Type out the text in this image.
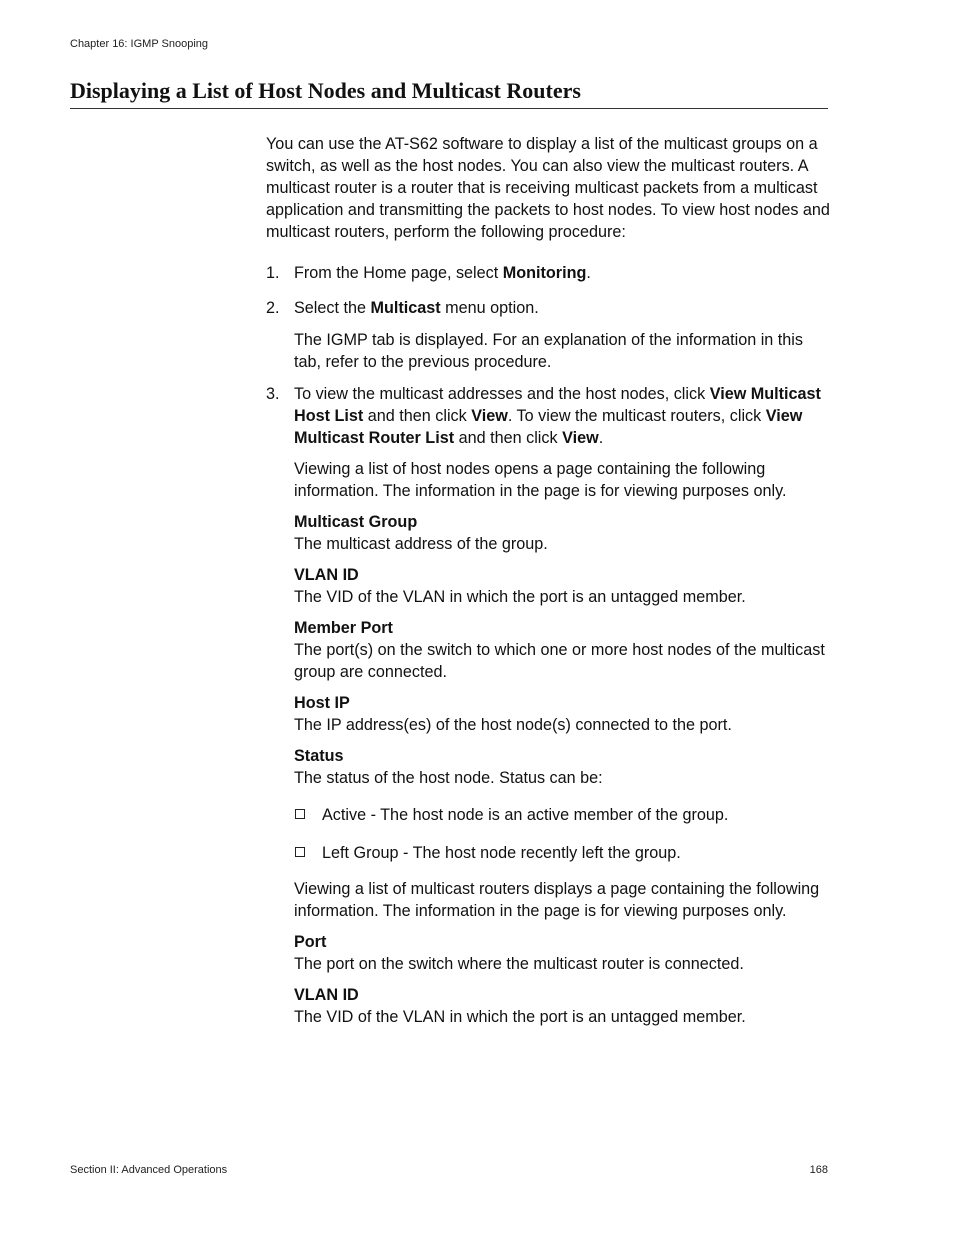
Chapter 16: IGMP Snooping
Displaying a List of Host Nodes and Multicast Routers

You can use the AT-S62 software to display a list of the multicast groups on a switch, as well as the host nodes. You can also view the multicast routers. A multicast router is a router that is receiving multicast packets from a multicast application and transmitting the packets to host nodes. To view host nodes and multicast routers, perform the following procedure:

1. From the Home page, select Monitoring.
2. Select the Multicast menu option.

The IGMP tab is displayed. For an explanation of the information in this tab, refer to the previous procedure.

3. To view the multicast addresses and the host nodes, click View Multicast Host List and then click View. To view the multicast routers, click View Multicast Router List and then click View.

Viewing a list of host nodes opens a page containing the following information. The information in the page is for viewing purposes only.

Multicast Group
The multicast address of the group.
VLAN ID
The VID of the VLAN in which the port is an untagged member.
Member Port
The port(s) on the switch to which one or more host nodes of the multicast group are connected.
Host IP
The IP address(es) of the host node(s) connected to the port.
Status
The status of the host node. Status can be:
Active - The host node is an active member of the group.
Left Group - The host node recently left the group.

Viewing a list of multicast routers displays a page containing the following information. The information in the page is for viewing purposes only.

Port
The port on the switch where the multicast router is connected.
VLAN ID
The VID of the VLAN in which the port is an untagged member.
Section II: Advanced Operations	168
